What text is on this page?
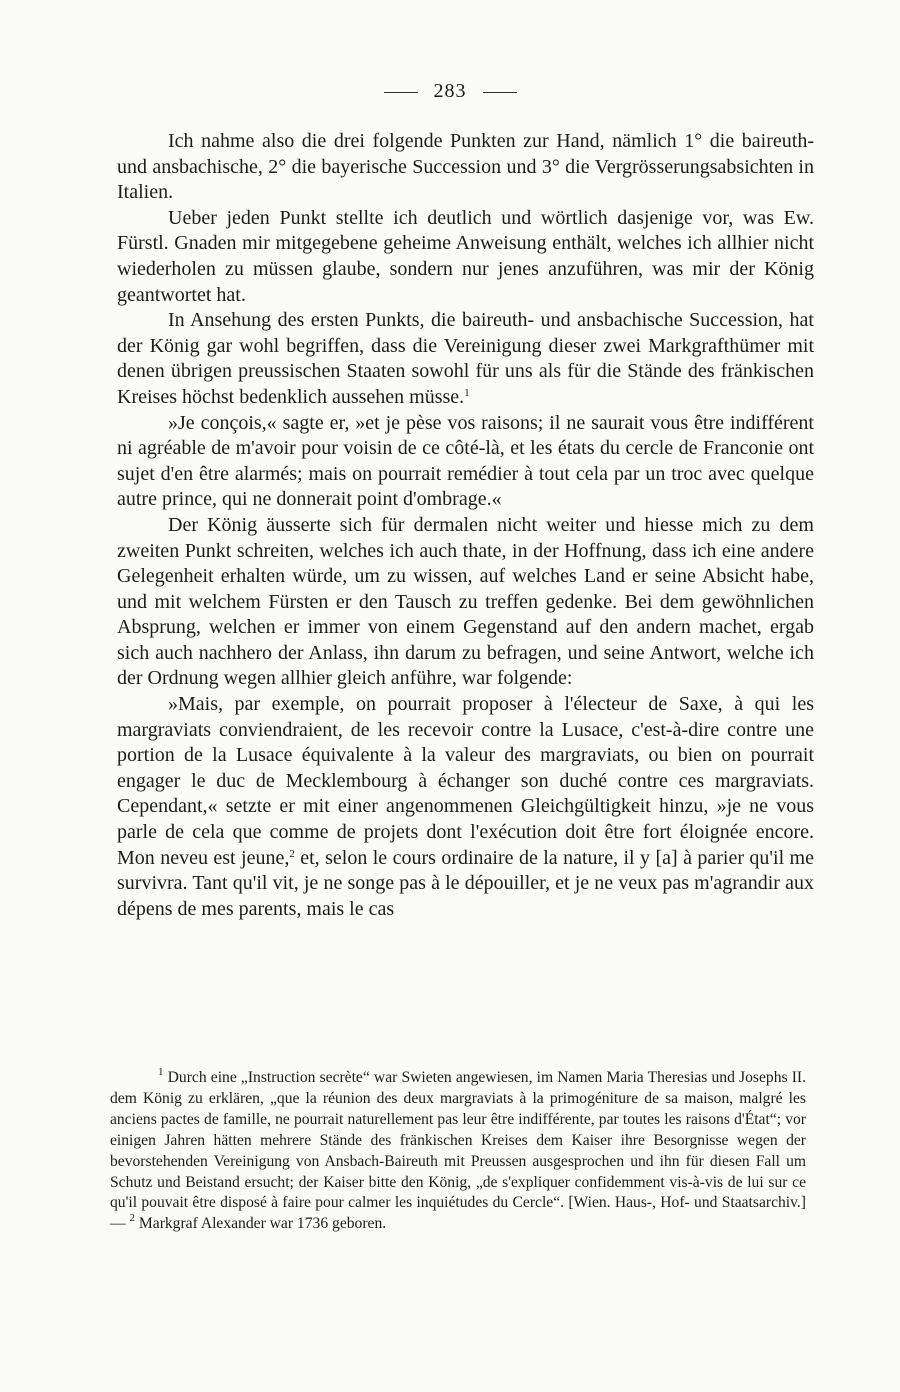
283

Ich nahme also die drei folgende Punkten zur Hand, nämlich 1° die baireuth- und ansbachische, 2° die bayerische Succession und 3° die Vergrösserungsabsichten in Italien.

Ueber jeden Punkt stellte ich deutlich und wörtlich dasjenige vor, was Ew. Fürstl. Gnaden mir mitgegebene geheime Anweisung enthält, welches ich allhier nicht wiederholen zu müssen glaube, sondern nur jenes anzuführen, was mir der König geantwortet hat.

In Ansehung des ersten Punkts, die baireuth- und ansbachische Succession, hat der König gar wohl begriffen, dass die Vereinigung dieser zwei Markgrafthümer mit denen übrigen preussischen Staaten sowohl für uns als für die Stände des fränkischen Kreises höchst bedenklich aussehen müsse.$^1$

»Je conçois,« sagte er, »et je pèse vos raisons; il ne saurait vous être indifférent ni agréable de m'avoir pour voisin de ce côté-là, et les états du cercle de Franconie ont sujet d'en être alarmés; mais on pourrait remédier à tout cela par un troc avec quelque autre prince, qui ne donnerait point d'ombrage.«

Der König äusserte sich für dermalen nicht weiter und hiesse mich zu dem zweiten Punkt schreiten, welches ich auch thate, in der Hoffnung, dass ich eine andere Gelegenheit erhalten würde, um zu wissen, auf welches Land er seine Absicht habe, und mit welchem Fürsten er den Tausch zu treffen gedenke. Bei dem gewöhnlichen Absprung, welchen er immer von einem Gegenstand auf den andern machet, ergab sich auch nachhero der Anlass, ihn darum zu befragen, und seine Antwort, welche ich der Ordnung wegen allhier gleich anführe, war folgende:

»Mais, par exemple, on pourrait proposer à l'électeur de Saxe, à qui les margraviats conviendraient, de les recevoir contre la Lusace, c'est-à-dire contre une portion de la Lusace équivalente à la valeur des margraviats, ou bien on pourrait engager le duc de Mecklembourg à échanger son duché contre ces margraviats. Cependant,« setzte er mit einer angenommenen Gleichgültigkeit hinzu, »je ne vous parle de cela que comme de projets dont l'exécution doit être fort éloignée encore. Mon neveu est jeune,$^2$ et, selon le cours ordinaire de la nature, il y [a] à parier qu'il me survivra. Tant qu'il vit, je ne songe pas à le dépouiller, et je ne veux pas m'agrandir aux dépens de mes parents, mais le cas

$^1$ Durch eine „Instruction secrète“ war Swieten angewiesen, im Namen Maria Theresias und Josephs II. dem König zu erklären, „que la réunion des deux margraviats à la primogéniture de sa maison, malgré les anciens pactes de famille, ne pourrait naturellement pas leur être indifférente, par toutes les raisons d'État“; vor einigen Jahren hätten mehrere Stände des fränkischen Kreises dem Kaiser ihre Besorgnisse wegen der bevorstehenden Vereinigung von Ansbach-Baireuth mit Preussen ausgesprochen und ihn für diesen Fall um Schutz und Beistand ersucht; der Kaiser bitte den König, „de s'expliquer confidemment vis-à-vis de lui sur ce qu'il pouvait être disposé à faire pour calmer les inquiétudes du Cercle“. [Wien. Haus-, Hof- und Staatsarchiv.] — $^2$ Markgraf Alexander war 1736 geboren.
